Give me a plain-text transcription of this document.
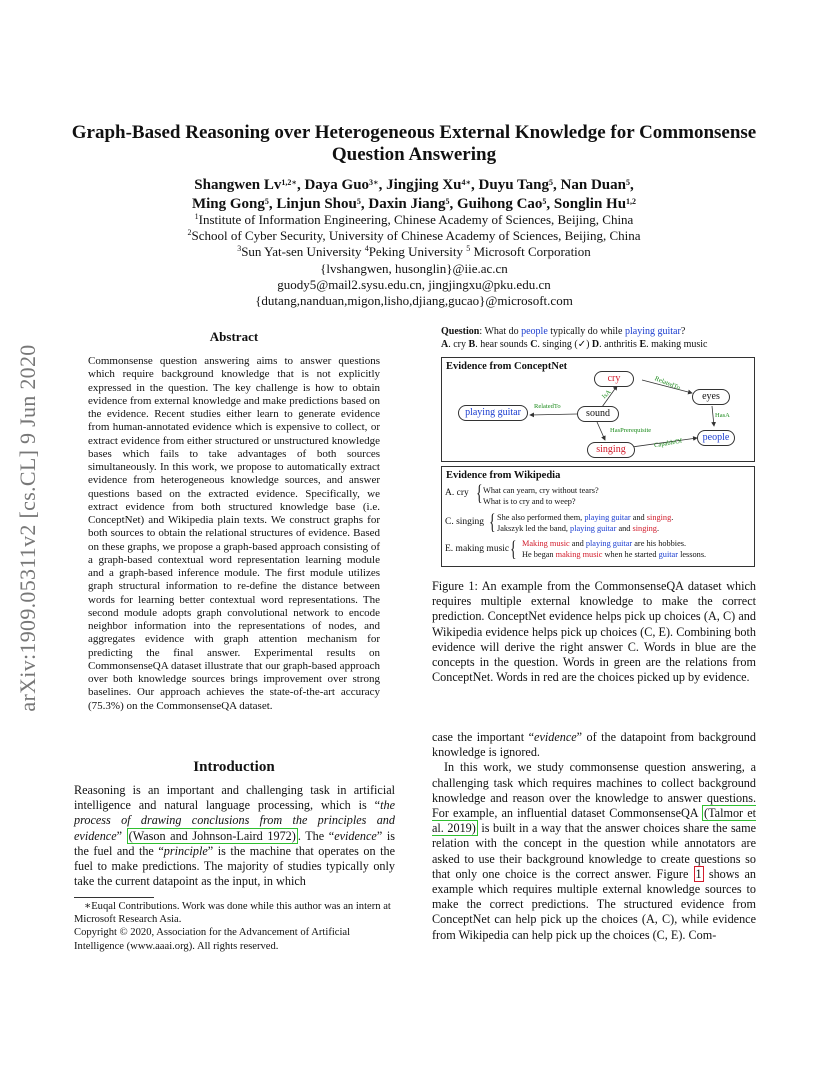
Graph-Based Reasoning over Heterogeneous External Knowledge for Commonsense Question Answering
Shangwen $Lv^{1,2∗}$, Daya Guo$^{3∗}$, Jingjing $Xu^{4∗}$, Duyu Tang$^5$, Nan Duan$^5$,
Ming Gong$^5$, Linjun Shou$^5$, Daxin Jiang$^5$, Guihong Cao$^5$, Songlin Hu$^{1,2}$
$^1$Institute of Information Engineering, Chinese Academy of Sciences, Beijing, China
$^2$School of Cyber Security, University of Chinese Academy of Sciences, Beijing, China
$^3$Sun Yat-sen University $^4$Peking University $^5$ Microsoft Corporation
{lvshangwen, husonglin}@iie.ac.cn
guody5@mail2.sysu.edu.cn, jingjingxu@pku.edu.cn
{dutang,nanduan,migon,lisho,djiang,gucao}@microsoft.com
arXiv:1909.05311v2 [cs.CL] 9 Jun 2020
Abstract
Commonsense question answering aims to answer questions which require background knowledge that is not explicitly expressed in the question. The key challenge is how to obtain evidence from external knowledge and make predictions based on the evidence. Recent studies either learn to generate evidence from human-annotated evidence which is expensive to collect, or extract evidence from either structured or unstructured knowledge bases which fails to take advantages of both sources simultaneously. In this work, we propose to automatically extract evidence from heterogeneous knowledge sources, and answer questions based on the extracted evidence. Specifically, we extract evidence from both structured knowledge base (i.e. ConceptNet) and Wikipedia plain texts. We construct graphs for both sources to obtain the relational structures of evidence. Based on these graphs, we propose a graph-based approach consisting of a graph-based contextual word representation learning module and a graph-based inference module. The first module utilizes graph structural information to re-define the distance between words for learning better contextual word representations. The second module adopts graph convolutional network to encode neighbor information into the representations of nodes, and aggregates evidence with graph attention mechanism for predicting the final answer. Experimental results on CommonsenseQA dataset illustrate that our graph-based approach over both knowledge sources brings improvement over strong baselines. Our approach achieves the state-of-the-art accuracy (75.3%) on the CommonsenseQA dataset.
Introduction
Reasoning is an important and challenging task in artificial intelligence and natural language processing, which is “the process of drawing conclusions from the principles and evidence” (Wason and Johnson-Laird 1972) . The “evidence” is the fuel and the “principle” is the machine that operates on the fuel to make predictions. The majority of studies typically only take the current datapoint as the input, in which
∗Euqal Contributions. Work was done while this author was an intern at Microsoft Research Asia.
Copyright © 2020, Association for the Advancement of Artificial Intelligence (www.aaai.org). All rights reserved.
Question: What do people typically do while playing guitar?
A. cry B. hear sounds C. singing (✓) D. anthritis E. making music
Evidence from ConceptNet
cry
eyes
playing guitar	sound
people
singing
RelatedTo
IsA
RelatedTo
HasA
HasPrerequisite
CapableOf
Evidence from Wikipedia
A. cry { What can yearn, cry without tears?
What is to cry and to weep?
C. singing { She also performed them, playing guitar and singing.
Jakszyk led the band, playing guitar and singing.
E. making music { Making music and playing guitar are his hobbies.
He began making music when he started guitar lessons.
Figure 1: An example from the CommonsenseQA dataset which requires multiple external knowledge to make the correct prediction. ConceptNet evidence helps pick up choices (A, C) and Wikipedia evidence helps pick up choices (C, E). Combining both evidence will derive the right answer C. Words in blue are the concepts in the question. Words in green are the relations from ConceptNet. Words in red are the choices picked up by evidence.

case the important “evidence” of the datapoint from background knowledge is ignored.

In this work, we study commonsense question answering, a challenging task which requires machines to collect background knowledge and reason over the knowledge to answer questions. For example, an influential dataset CommonsenseQA (Talmor et al. 2019) is built in a way that the answer choices share the same relation with the concept in the question while annotators are asked to use their background knowledge to create questions so that only one choice is the correct answer. Figure 1 shows an example which requires multiple external knowledge sources to make the correct predictions. The structured evidence from ConceptNet can help pick up the choices (A, C), while evidence from Wikipedia can help pick up the choices (C, E). Com-
